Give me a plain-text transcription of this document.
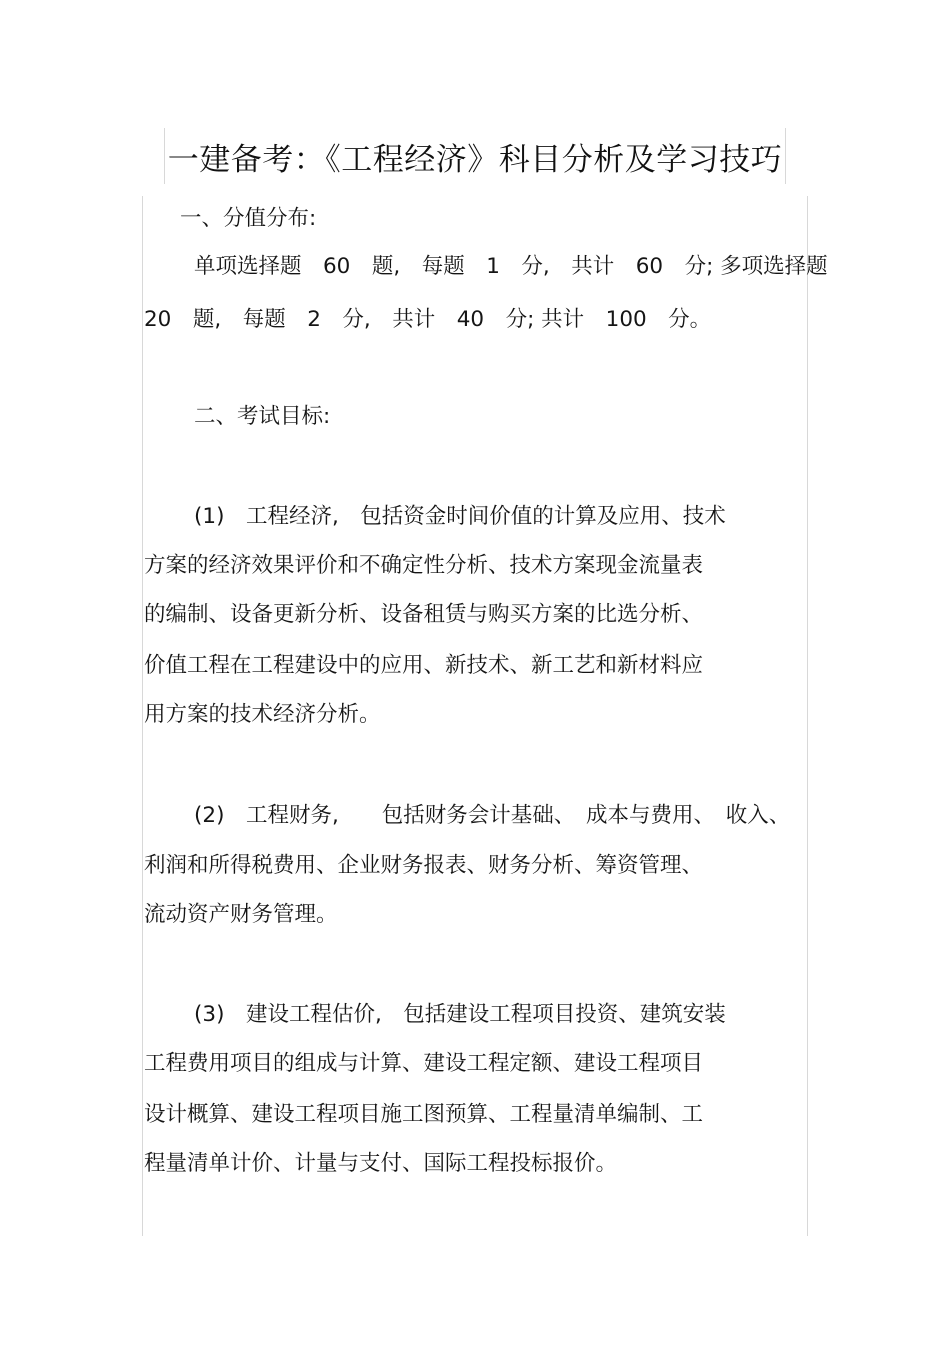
一建备考：《工程经济》科目分析及学习技巧
一、分值分布:
单项选择题　60　题,　每题　1　分,　共计　60　分; 多项选择题
20　题,　每题　2　分,　共计　40　分; 共计　100　分。
二、考试目标:
(1)　工程经济,　包括资金时间价值的计算及应用、技术
方案的经济效果评价和不确定性分析、技术方案现金流量表
的编制、设备更新分析、设备租赁与购买方案的比选分析、
价值工程在工程建设中的应用、新技术、新工艺和新材料应
用方案的技术经济分析。
(2)　工程财务,　　包括财务会计基础、　成本与费用、　收入、
利润和所得税费用、企业财务报表、财务分析、筹资管理、
流动资产财务管理。
(3)　建设工程估价,　包括建设工程项目投资、建筑安装
工程费用项目的组成与计算、建设工程定额、建设工程项目
设计概算、建设工程项目施工图预算、工程量清单编制、工
程量清单计价、计量与支付、国际工程投标报价。
